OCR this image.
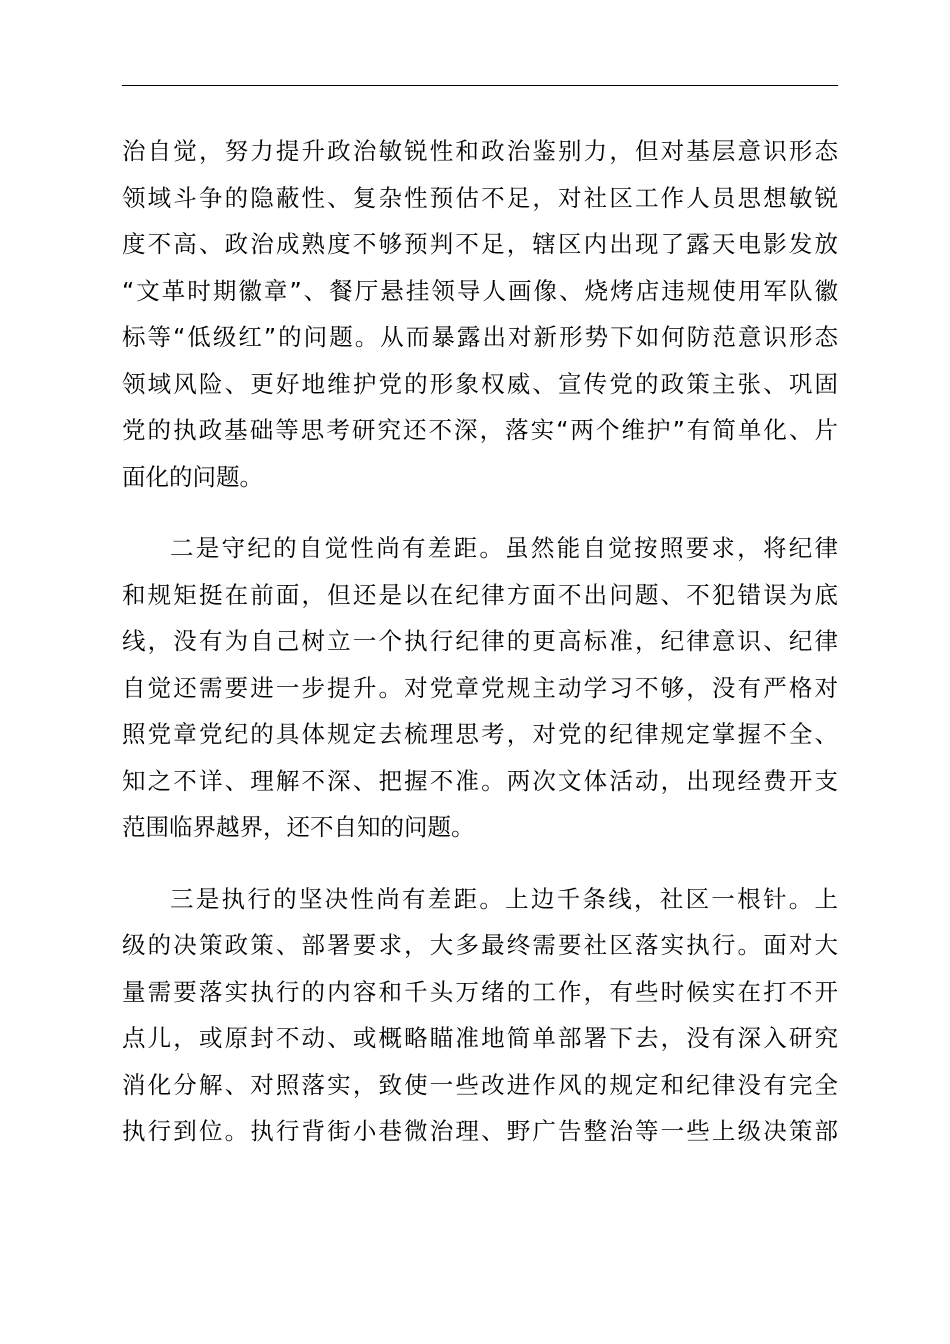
治自觉，努力提升政治敏锐性和政治鉴别力，但对基层意识形态
领域斗争的隐蔽性、复杂性预估不足，对社区工作人员思想敏锐
度不高、政治成熟度不够预判不足，辖区内出现了露天电影发放
“文革时期徽章”、餐厅悬挂领导人画像、烧烤店违规使用军队徽
标等“低级红”的问题。从而暴露出对新形势下如何防范意识形态
领域风险、更好地维护党的形象权威、宣传党的政策主张、巩固
党的执政基础等思考研究还不深，落实“两个维护”有简单化、片
面化的问题。
二是守纪的自觉性尚有差距。虽然能自觉按照要求，将纪律
和规矩挺在前面，但还是以在纪律方面不出问题、不犯错误为底
线，没有为自己树立一个执行纪律的更高标准，纪律意识、纪律
自觉还需要进一步提升。对党章党规主动学习不够，没有严格对
照党章党纪的具体规定去梳理思考，对党的纪律规定掌握不全、
知之不详、理解不深、把握不准。两次文体活动，出现经费开支
范围临界越界，还不自知的问题。
三是执行的坚决性尚有差距。上边千条线，社区一根针。上
级的决策政策、部署要求，大多最终需要社区落实执行。面对大
量需要落实执行的内容和千头万绪的工作，有些时候实在打不开
点儿，或原封不动、或概略瞄准地简单部署下去，没有深入研究
消化分解、对照落实，致使一些改进作风的规定和纪律没有完全
执行到位。执行背街小巷微治理、野广告整治等一些上级决策部
